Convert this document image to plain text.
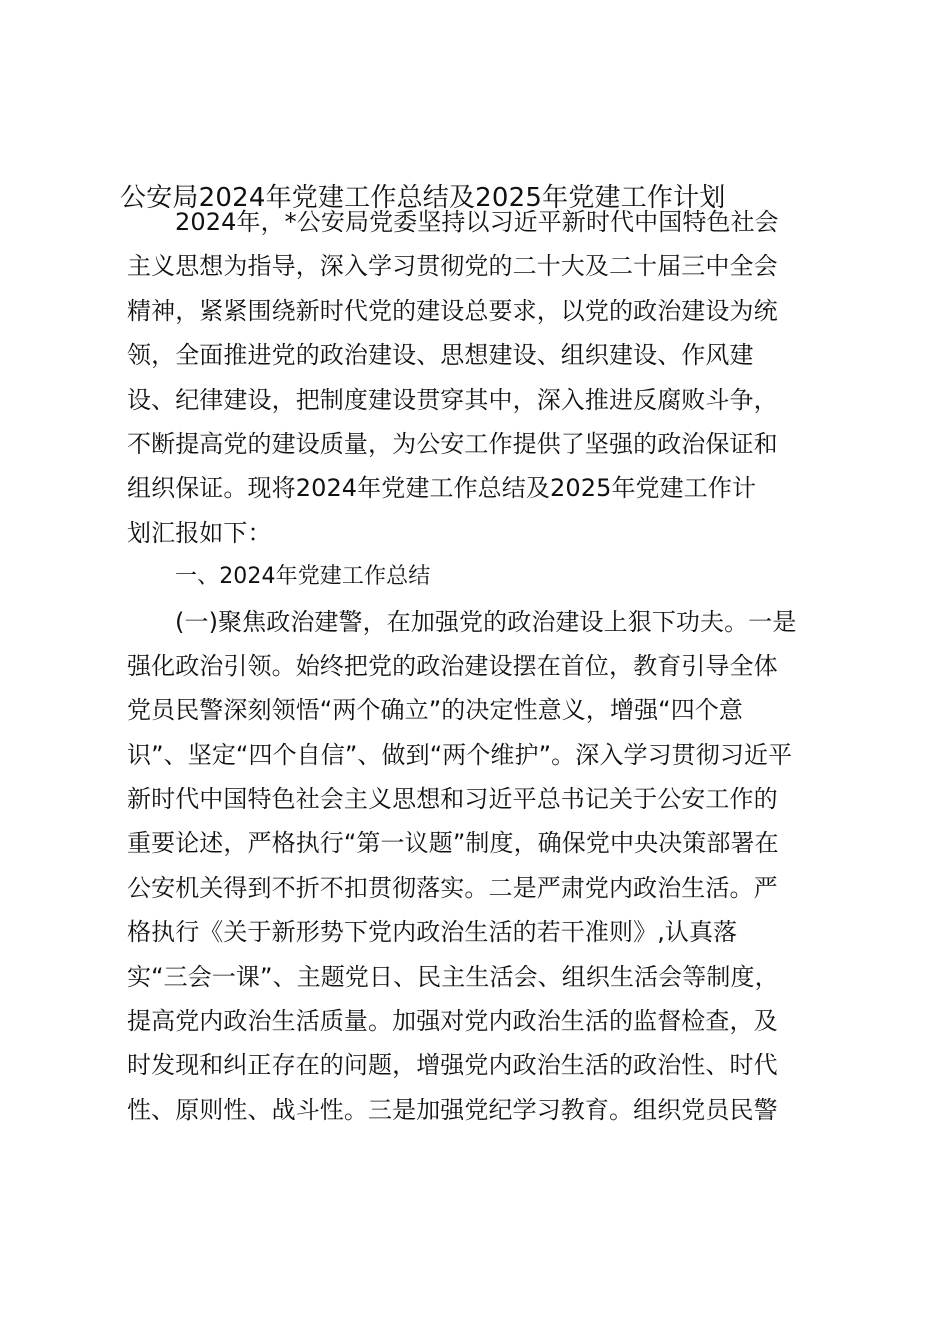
公安局2024年党建工作总结及2025年党建工作计划
2024年，*公安局党委坚持以习近平新时代中国特色社会
主义思想为指导，深入学习贯彻党的二十大及二十届三中全会
精神，紧紧围绕新时代党的建设总要求，以党的政治建设为统
领，全面推进党的政治建设、思想建设、组织建设、作风建
设、纪律建设，把制度建设贯穿其中，深入推进反腐败斗争，
不断提高党的建设质量，为公安工作提供了坚强的政治保证和
组织保证。现将2024年党建工作总结及2025年党建工作计
划汇报如下：
一、2024年党建工作总结
(一)聚焦政治建警，在加强党的政治建设上狠下功夫。一是
强化政治引领。始终把党的政治建设摆在首位，教育引导全体
党员民警深刻领悟“两个确立”的决定性意义，增强“四个意
识”、坚定“四个自信”、做到“两个维护”。深入学习贯彻习近平
新时代中国特色社会主义思想和习近平总书记关于公安工作的
重要论述，严格执行“第一议题”制度，确保党中央决策部署在
公安机关得到不折不扣贯彻落实。二是严肃党内政治生活。严
格执行《关于新形势下党内政治生活的若干准则》,认真落
实“三会一课”、主题党日、民主生活会、组织生活会等制度，
提高党内政治生活质量。加强对党内政治生活的监督检查，及
时发现和纠正存在的问题，增强党内政治生活的政治性、时代
性、原则性、战斗性。三是加强党纪学习教育。组织党员民警
